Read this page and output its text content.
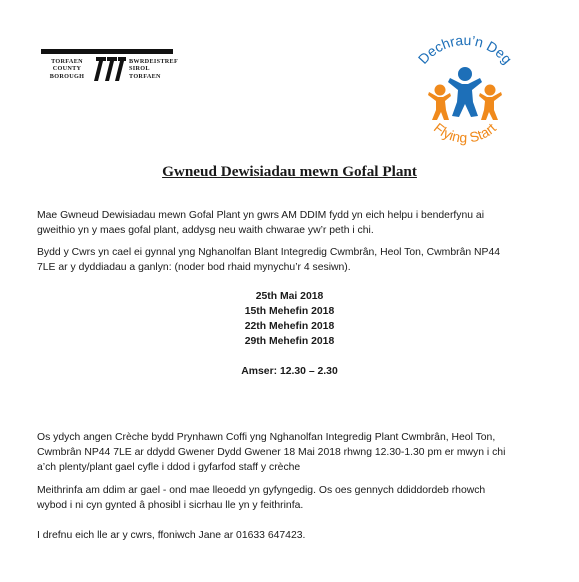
TORFAEN
COUNTY
BOROUGH
BWRDEISTREF
SIROL
TORFAEN
Dechrau’n Deg
Flying Start
Gwneud Dewisiadau mewn Gofal Plant
Mae Gwneud Dewisiadau mewn Gofal Plant yn gwrs AM DDIM fydd yn eich helpu i benderfynu ai
gweithio yn y maes gofal plant, addysg neu waith chwarae yw’r peth i chi.
Bydd y Cwrs yn cael ei gynnal yng Nghanolfan Blant Integredig Cwmbrân, Heol Ton, Cwmbrân NP44
7LE ar y dyddiadau a ganlyn: (noder bod rhaid mynychu’r 4 sesiwn).
25th Mai 2018
15th Mehefin 2018
22th Mehefin 2018
29th Mehefin 2018
Amser: 12.30 – 2.30
Os ydych angen Crèche bydd Prynhawn Coffi yng Nghanolfan Integredig Plant Cwmbrân, Heol Ton,
Cwmbrân NP44 7LE ar ddydd Gwener Dydd Gwener 18 Mai 2018 rhwng 12.30-1.30 pm er mwyn i chi
a’ch plenty/plant gael cyfle i ddod i gyfarfod staff y crèche
Meithrinfa am ddim ar gael - ond mae lleoedd yn gyfyngedig. Os oes gennych ddiddordeb rhowch
wybod i ni cyn gynted â phosibl i sicrhau lle yn y feithrinfa.
I drefnu eich lle ar y cwrs, ffoniwch Jane ar 01633 647423.
